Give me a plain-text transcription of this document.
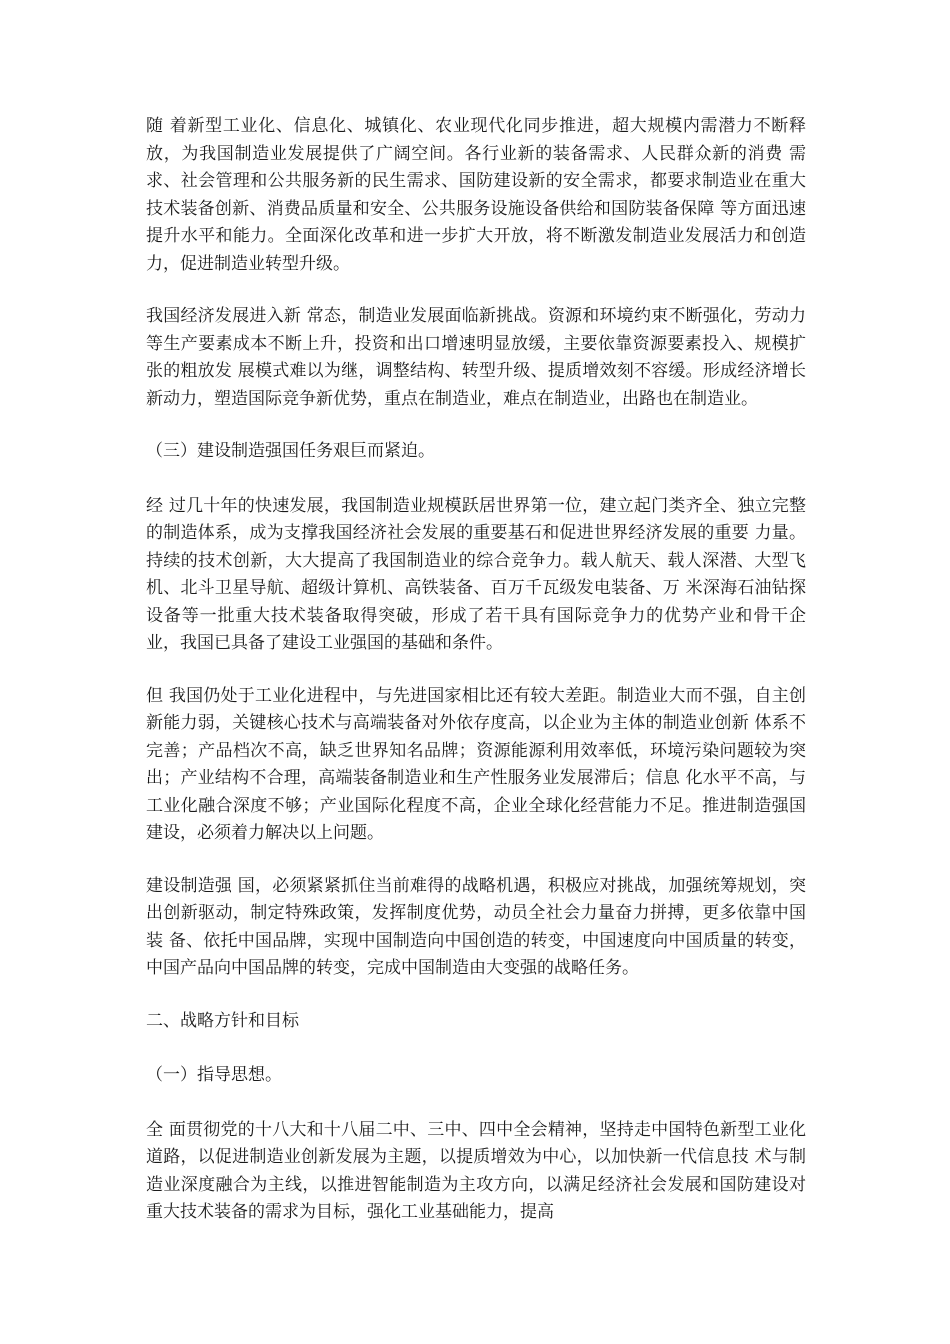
随 着新型工业化、信息化、城镇化、农业现代化同步推进，超大规模内需潜力不断释放，为我国制造业发展提供了广阔空间。各行业新的装备需求、人民群众新的消费 需求、社会管理和公共服务新的民生需求、国防建设新的安全需求，都要求制造业在重大技术装备创新、消费品质量和安全、公共服务设施设备供给和国防装备保障 等方面迅速提升水平和能力。全面深化改革和进一步扩大开放，将不断激发制造业发展活力和创造力，促进制造业转型升级。

我国经济发展进入新 常态，制造业发展面临新挑战。资源和环境约束不断强化，劳动力等生产要素成本不断上升，投资和出口增速明显放缓，主要依靠资源要素投入、规模扩张的粗放发 展模式难以为继，调整结构、转型升级、提质增效刻不容缓。形成经济增长新动力，塑造国际竞争新优势，重点在制造业，难点在制造业，出路也在制造业。

（三）建设制造强国任务艰巨而紧迫。

经 过几十年的快速发展，我国制造业规模跃居世界第一位，建立起门类齐全、独立完整的制造体系，成为支撑我国经济社会发展的重要基石和促进世界经济发展的重要 力量。持续的技术创新，大大提高了我国制造业的综合竞争力。载人航天、载人深潜、大型飞机、北斗卫星导航、超级计算机、高铁装备、百万千瓦级发电装备、万 米深海石油钻探设备等一批重大技术装备取得突破，形成了若干具有国际竞争力的优势产业和骨干企业，我国已具备了建设工业强国的基础和条件。

但 我国仍处于工业化进程中，与先进国家相比还有较大差距。制造业大而不强，自主创新能力弱，关键核心技术与高端装备对外依存度高，以企业为主体的制造业创新 体系不完善；产品档次不高，缺乏世界知名品牌；资源能源利用效率低，环境污染问题较为突出；产业结构不合理，高端装备制造业和生产性服务业发展滞后；信息 化水平不高，与工业化融合深度不够；产业国际化程度不高，企业全球化经营能力不足。推进制造强国建设，必须着力解决以上问题。

建设制造强 国，必须紧紧抓住当前难得的战略机遇，积极应对挑战，加强统筹规划，突出创新驱动，制定特殊政策，发挥制度优势，动员全社会力量奋力拼搏，更多依靠中国装 备、依托中国品牌，实现中国制造向中国创造的转变，中国速度向中国质量的转变，中国产品向中国品牌的转变，完成中国制造由大变强的战略任务。

二、战略方针和目标

（一）指导思想。

全 面贯彻党的十八大和十八届二中、三中、四中全会精神，坚持走中国特色新型工业化道路，以促进制造业创新发展为主题，以提质增效为中心，以加快新一代信息技 术与制造业深度融合为主线，以推进智能制造为主攻方向，以满足经济社会发展和国防建设对重大技术装备的需求为目标，强化工业基础能力，提高
